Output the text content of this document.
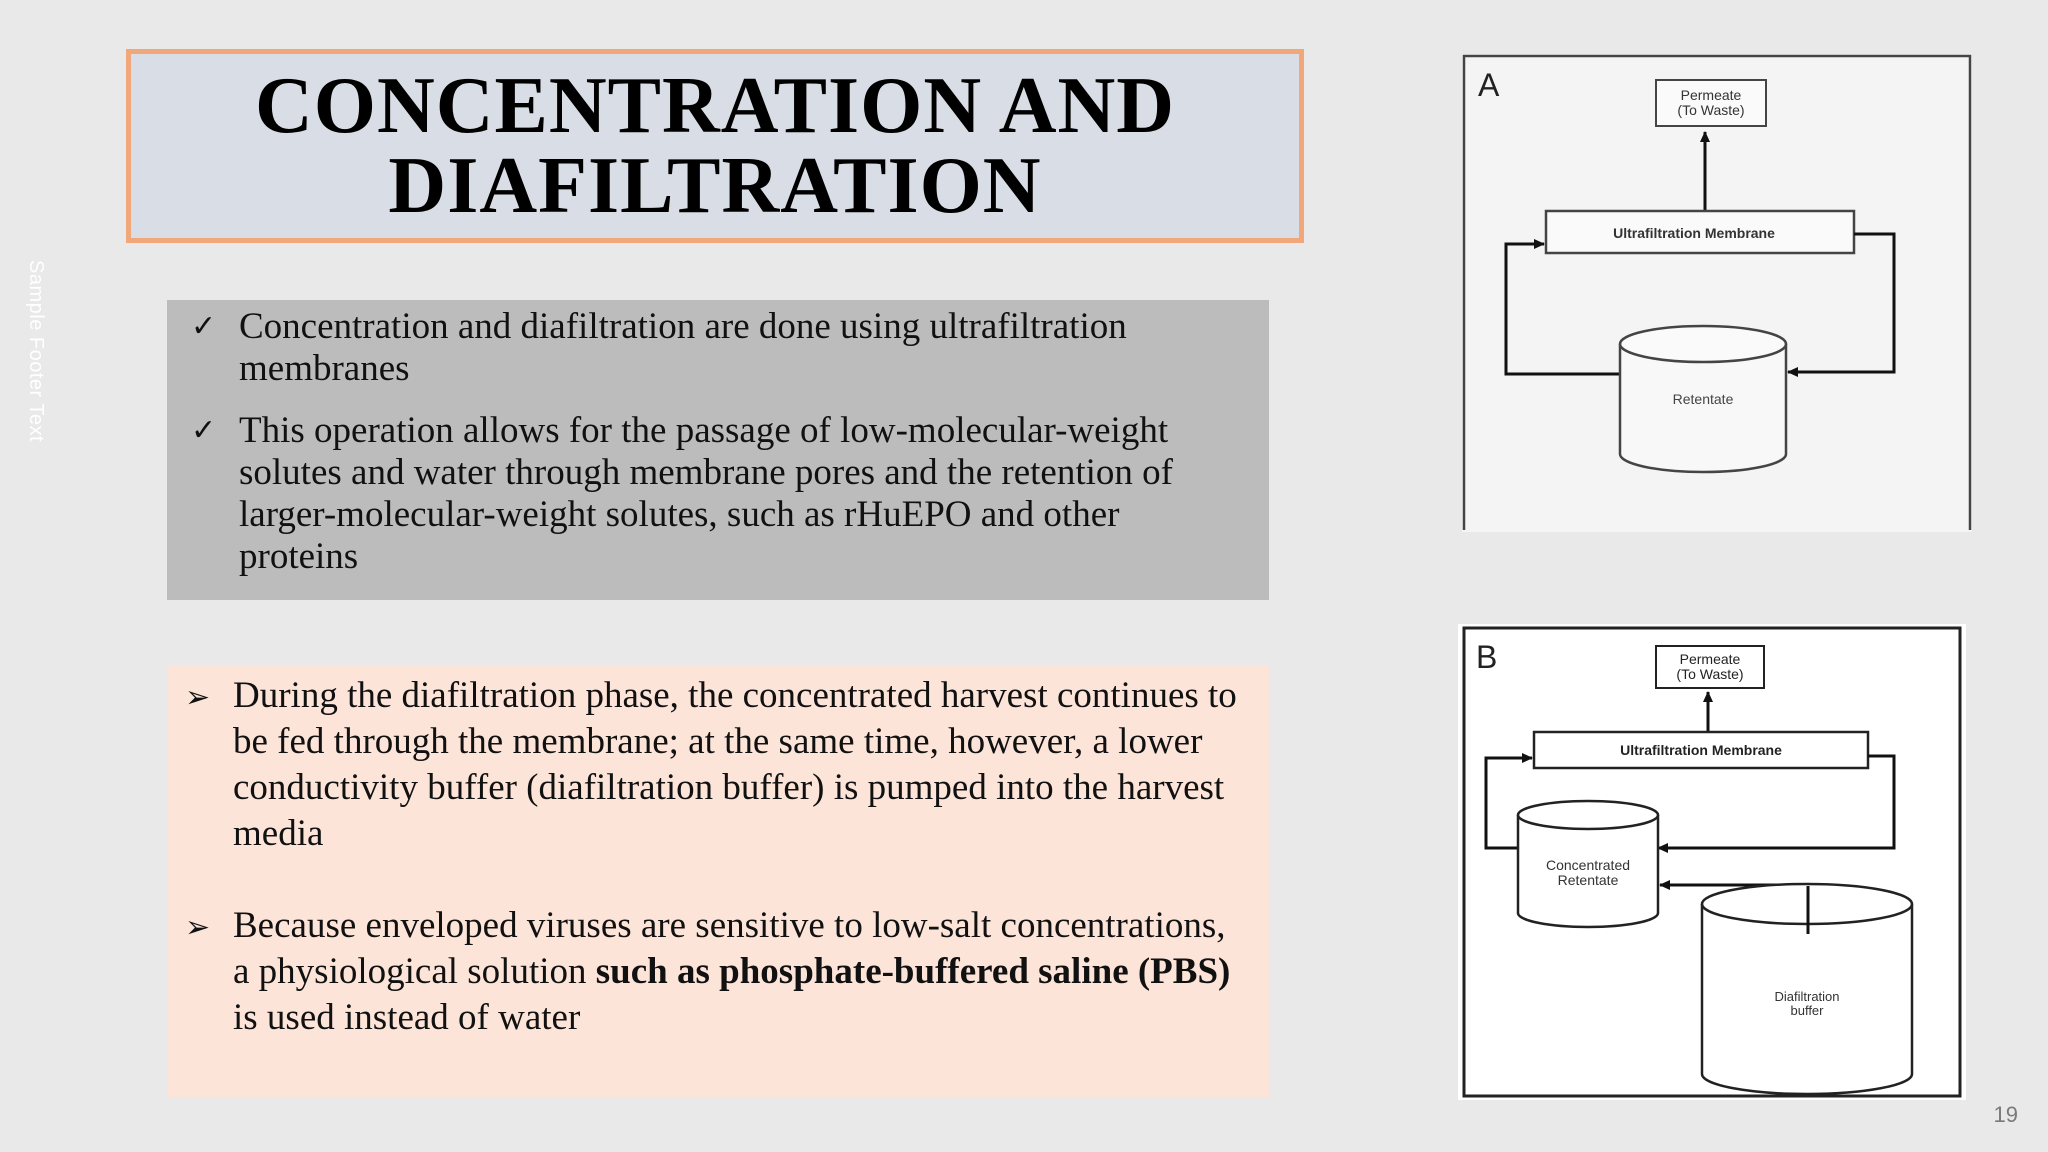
Sample Footer Text
CONCENTRATION AND
DIAFILTRATION
✓ Concentration and diafiltration are done using ultrafiltration membranes
✓ This operation allows for the passage of low-molecular-weight solutes and water through membrane pores and the retention of larger-molecular-weight solutes, such as rHuEPO and other proteins
➢ During the diafiltration phase, the concentrated harvest continues to be fed through the membrane; at the same time, however, a lower conductivity buffer (diafiltration buffer) is pumped into the harvest media
➢ Because enveloped viruses are sensitive to low-salt concentrations, a physiological solution such as phosphate-buffered saline (PBS) is used instead of water
A	Permeate
(To Waste)
Ultrafiltration Membrane
Retentate
B	Permeate
(To Waste)
Ultrafiltration Membrane
Concentrated
Retentate
Diafiltration
buffer
19
